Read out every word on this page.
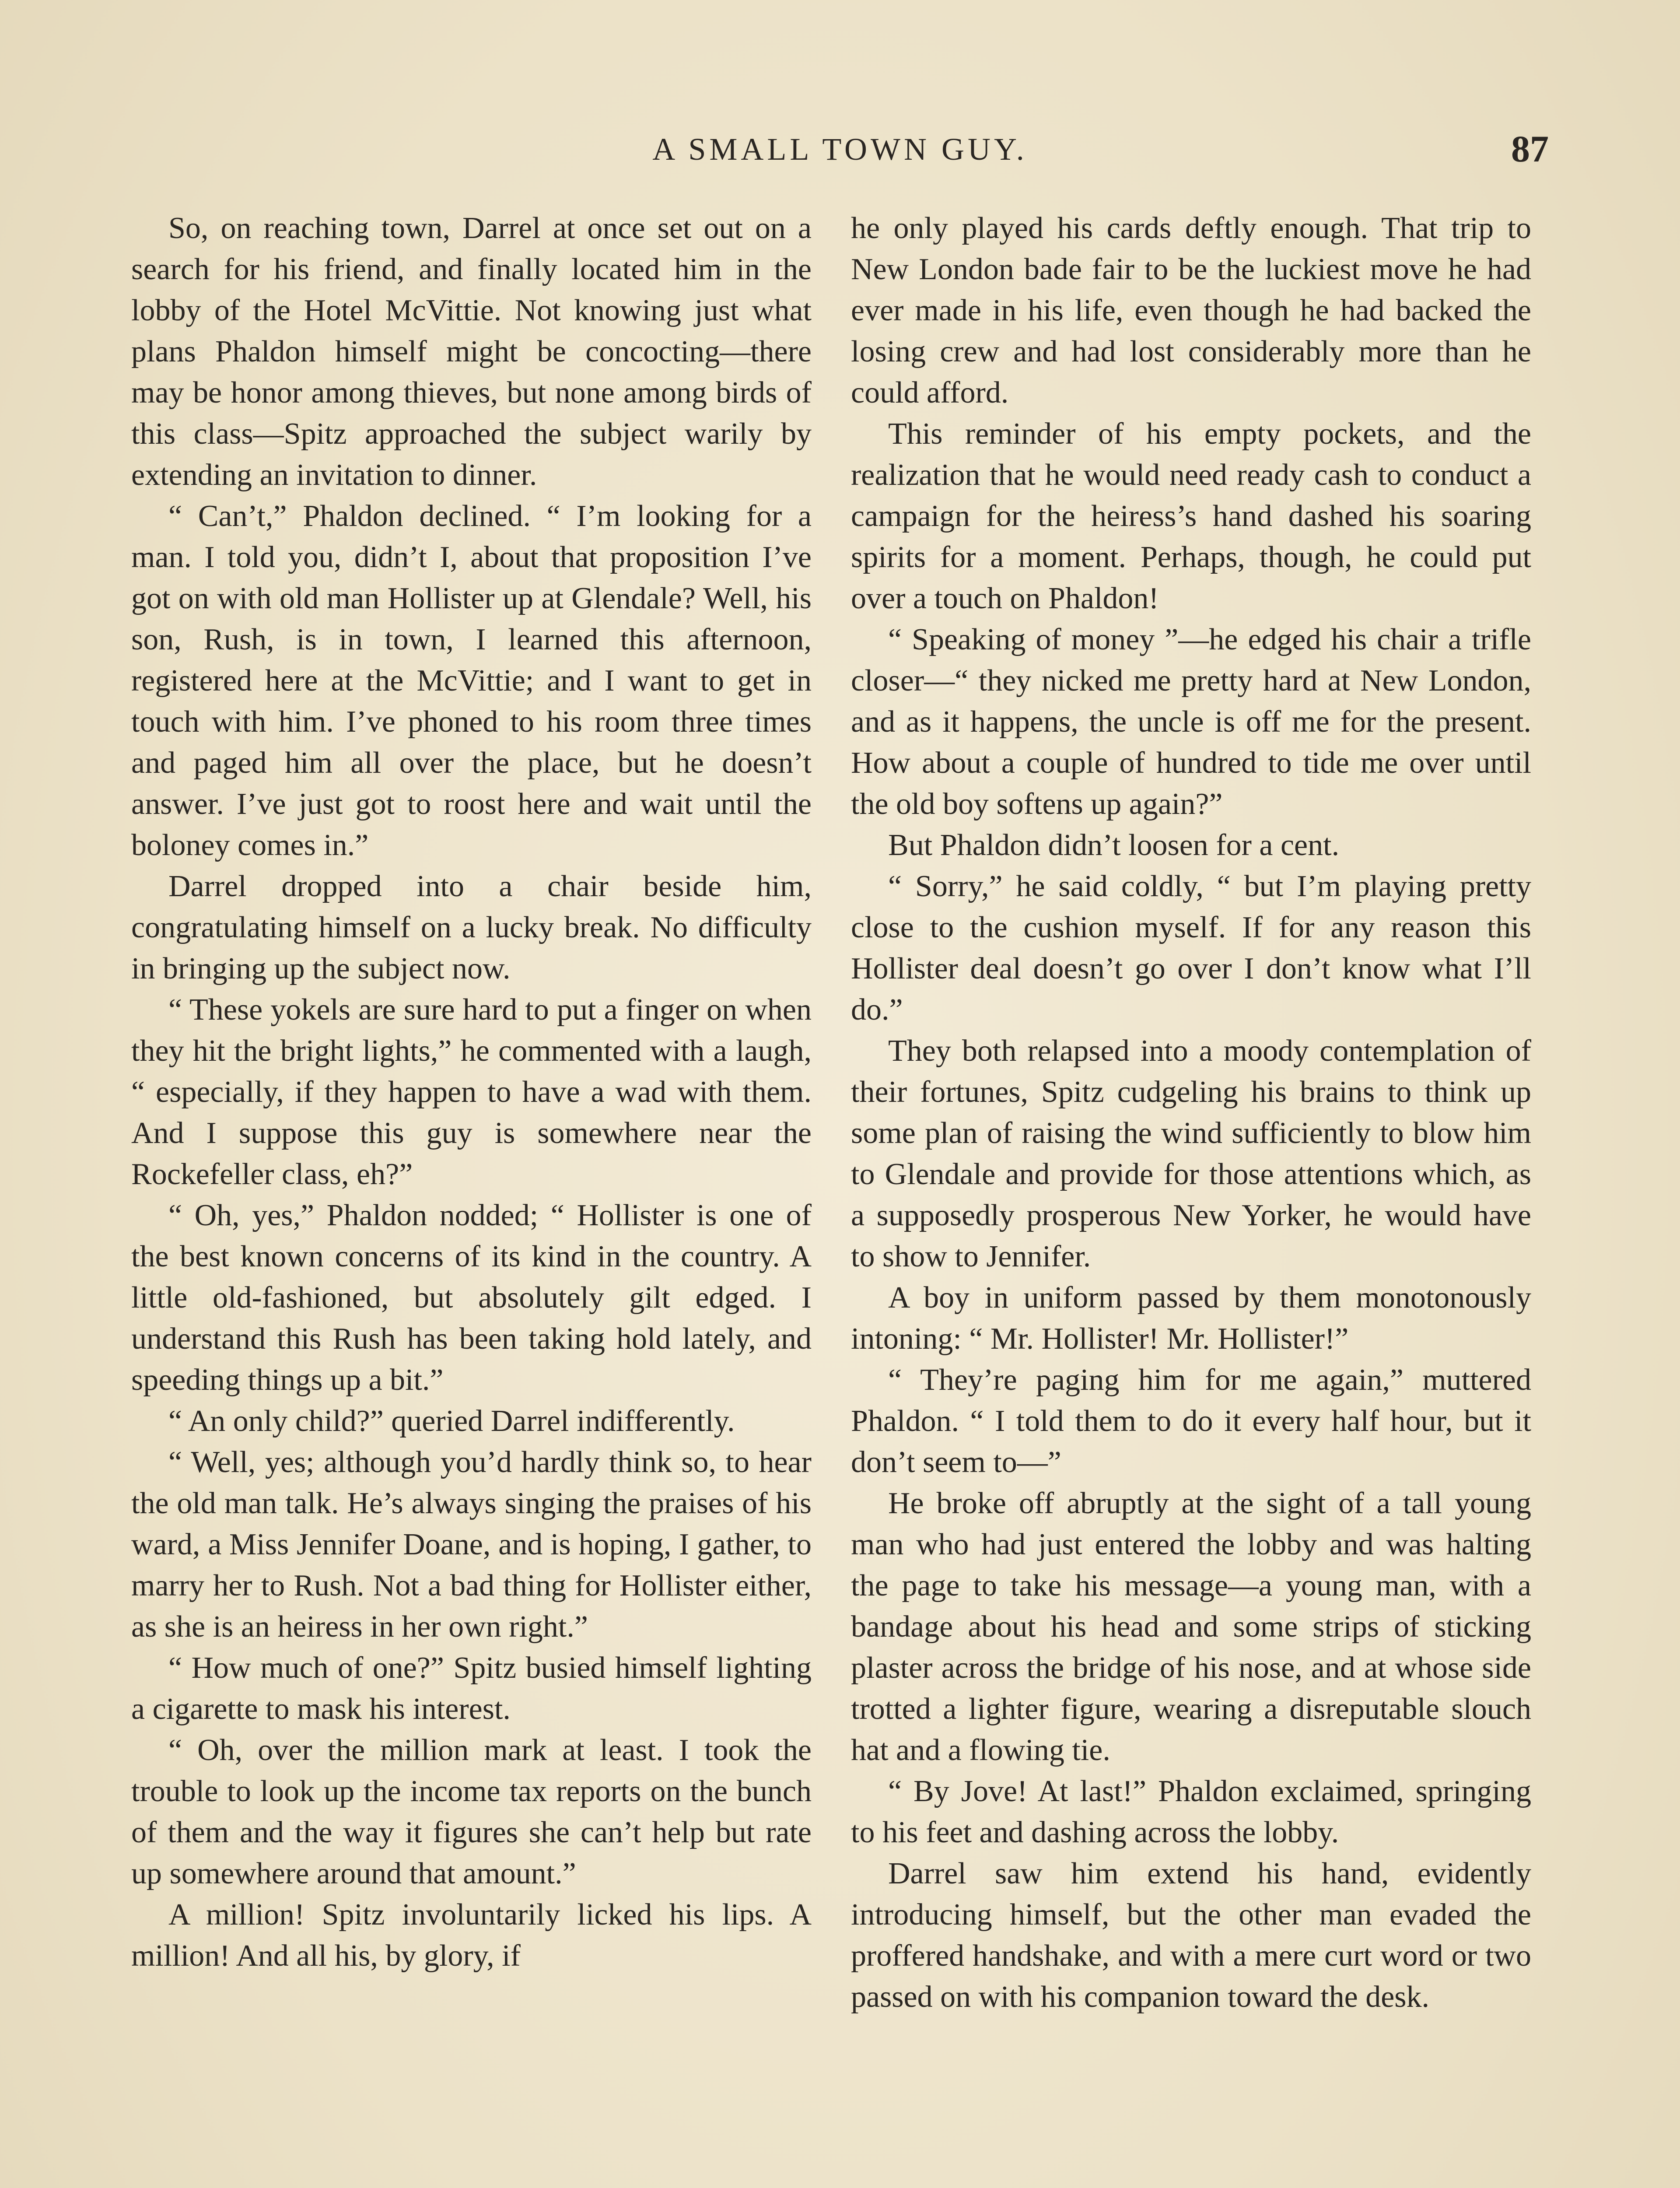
A SMALL TOWN GUY.	87

So, on reaching town, Darrel at once set out on a search for his friend, and finally located him in the lobby of the Hotel McVittie. Not knowing just what plans Phaldon himself might be concocting—there may be honor among thieves, but none among birds of this class—Spitz approached the subject warily by extending an invitation to dinner.

“ Can’t,” Phaldon declined. “ I’m looking for a man. I told you, didn’t I, about that proposition I’ve got on with old man Hollister up at Glendale? Well, his son, Rush, is in town, I learned this afternoon, registered here at the McVittie; and I want to get in touch with him. I’ve phoned to his room three times and paged him all over the place, but he doesn’t answer. I’ve just got to roost here and wait until the boloney comes in.”

Darrel dropped into a chair beside him, congratulating himself on a lucky break. No difficulty in bringing up the subject now.

“ These yokels are sure hard to put a finger on when they hit the bright lights,” he commented with a laugh, “ especially, if they happen to have a wad with them. And I suppose this guy is somewhere near the Rockefeller class, eh?”

“ Oh, yes,” Phaldon nodded; “ Hollister is one of the best known concerns of its kind in the country. A little old-fashioned, but absolutely gilt edged. I understand this Rush has been taking hold lately, and speeding things up a bit.”

“ An only child?” queried Darrel indifferently.

“ Well, yes; although you’d hardly think so, to hear the old man talk. He’s always singing the praises of his ward, a Miss Jennifer Doane, and is hoping, I gather, to marry her to Rush. Not a bad thing for Hollister either, as she is an heiress in her own right.”

“ How much of one?” Spitz busied himself lighting a cigarette to mask his interest.

“ Oh, over the million mark at least. I took the trouble to look up the income tax reports on the bunch of them and the way it figures she can’t help but rate up somewhere around that amount.”

A million! Spitz involuntarily licked his lips. A million! And all his, by glory, if

he only played his cards deftly enough. That trip to New London bade fair to be the luckiest move he had ever made in his life, even though he had backed the losing crew and had lost considerably more than he could afford.

This reminder of his empty pockets, and the realization that he would need ready cash to conduct a campaign for the heiress’s hand dashed his soaring spirits for a moment. Perhaps, though, he could put over a touch on Phaldon!

“ Speaking of money ”—he edged his chair a trifle closer—“ they nicked me pretty hard at New London, and as it happens, the uncle is off me for the present. How about a couple of hundred to tide me over until the old boy softens up again?”

But Phaldon didn’t loosen for a cent.

“ Sorry,” he said coldly, “ but I’m playing pretty close to the cushion myself. If for any reason this Hollister deal doesn’t go over I don’t know what I’ll do.”

They both relapsed into a moody contemplation of their fortunes, Spitz cudgeling his brains to think up some plan of raising the wind sufficiently to blow him to Glendale and provide for those attentions which, as a supposedly prosperous New Yorker, he would have to show to Jennifer.

A boy in uniform passed by them monotonously intoning: “ Mr. Hollister! Mr. Hollister!”

“ They’re paging him for me again,” muttered Phaldon. “ I told them to do it every half hour, but it don’t seem to—”

He broke off abruptly at the sight of a tall young man who had just entered the lobby and was halting the page to take his message—a young man, with a bandage about his head and some strips of sticking plaster across the bridge of his nose, and at whose side trotted a lighter figure, wearing a disreputable slouch hat and a flowing tie.

“ By Jove! At last!” Phaldon exclaimed, springing to his feet and dashing across the lobby.

Darrel saw him extend his hand, evidently introducing himself, but the other man evaded the proffered handshake, and with a mere curt word or two passed on with his companion toward the desk.
